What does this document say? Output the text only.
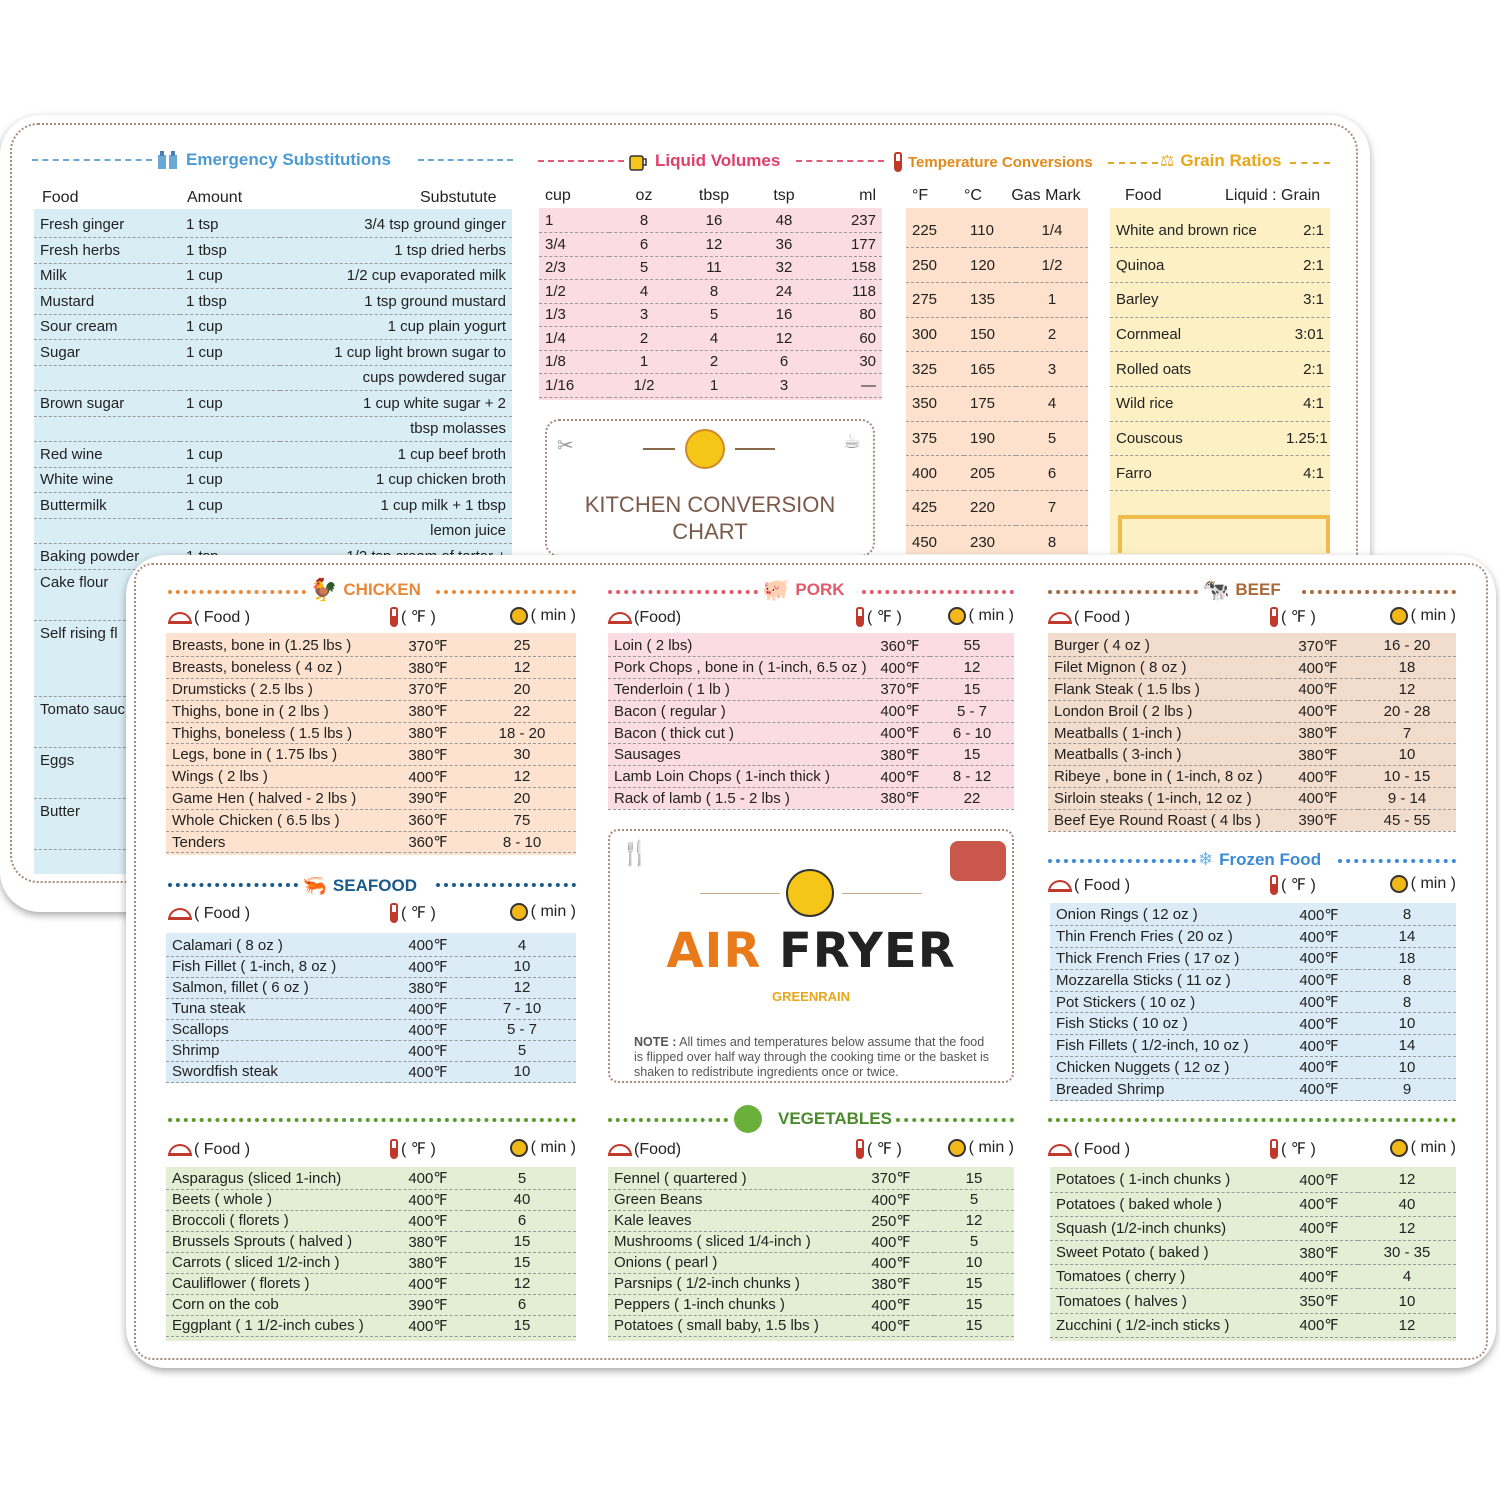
Emergency Substitutions
Food	Amount	Substutute
Fresh ginger	1 tsp	3/4 tsp ground ginger
Fresh herbs	1 tbsp	1 tsp dried herbs
Milk	1 cup	1/2 cup evaporated milk
Mustard	1 tbsp	1 tsp ground mustard
Sour cream	1 cup	1 cup plain yogurt
Sugar	1 cup	1 cup light brown sugar to
		cups powdered sugar
Brown sugar	1 cup	1 cup white sugar + 2
		tbsp molasses
Red wine	1 cup	1 cup beef broth
White wine	1 cup	1 cup chicken broth
Buttermilk	1 cup	1 cup milk + 1 tbsp
		lemon juice
Baking powder		
Cake flour		
Self rising fl		
Tomato sauc		
Eggs		
Butter		
Liquid Volumes
cup	oz	tbsp	tsp	ml
1	8	16	48	237
3/4	6	12	36	177
2/3	5	11	32	158
1/2	4	8	24	118
1/3	3	5	16	80
1/4	2	4	12	60
1/8	1	2	6	30
1/16	1/2	1	3	—
✂	☕
KITCHEN CONVERSION
CHART
Temperature Conversions
°F	°C	Gas Mark
225	110	1/4
250	120	1/2
275	135	1
300	150	2
325	165	3
350	175	4
375	190	5
400	205	6
425	220	7
450	230	8
⚖ Grain Ratios
Food	Liquid : Grain
White and brown rice	2:1
Quinoa	2:1
Barley	3:1
Cornmeal	3:01
Rolled oats	2:1
Wild rice	4:1
Couscous	1.25:1
Farro	4:1
🐓 CHICKEN
( Food )	( ℉ )	( min )
Breasts, bone in (1.25 lbs )	370℉	25
Breasts, boneless ( 4 oz )	380℉	12
Drumsticks ( 2.5 lbs )	370℉	20
Thighs, bone in ( 2 lbs )	380℉	22
Thighs, boneless ( 1.5 lbs )	380℉	18 - 20
Legs, bone in ( 1.75 lbs )	380℉	30
Wings ( 2 lbs )	400℉	12
Game Hen ( halved - 2 lbs )	390℉	20
Whole Chicken ( 6.5 lbs )	360℉	75
Tenders	360℉	8 - 10
🐖 PORK
(Food)	( ℉ )	( min )
Loin ( 2 lbs)	360℉	55
Pork Chops , bone in ( 1-inch, 6.5 oz )	400℉	12
Tenderloin ( 1 lb )	370℉	15
Bacon ( regular )	400℉	5 - 7
Bacon ( thick cut )	400℉	6 - 10
Sausages	380℉	15
Lamb Loin Chops ( 1-inch thick )	400℉	8 - 12
Rack of lamb ( 1.5 - 2 lbs )	380℉	22
🐄 BEEF
( Food )	( ℉ )	( min )
Burger ( 4 oz )	370℉	16 - 20
Filet Mignon ( 8 oz )	400℉	18
Flank Steak ( 1.5 lbs )	400℉	12
London Broil ( 2 lbs )	400℉	20 - 28
Meatballs ( 1-inch )	380℉	7
Meatballs ( 3-inch )	380℉	10
Ribeye , bone in ( 1-inch, 8 oz )	400℉	10 - 15
Sirloin steaks ( 1-inch, 12 oz )	400℉	9 - 14
Beef Eye Round Roast ( 4 lbs )	390℉	45 - 55
🦐 SEAFOOD
( Food )	( ℉ )	( min )
Calamari ( 8 oz )	400℉	4
Fish Fillet ( 1-inch, 8 oz )	400℉	10
Salmon, fillet ( 6 oz )	380℉	12
Tuna steak	400℉	7 - 10
Scallops	400℉	5 - 7
Shrimp	400℉	5
Swordfish steak	400℉	10
🍴
AIR FRYER
GREENRAIN
NOTE : All times and temperatures below assume that the food is flipped over half way through the cooking time or the basket is shaken to redistribute ingredients once or twice.
❄ Frozen Food
( Food )	( ℉ )	( min )
Onion Rings ( 12 oz )	400℉	8
Thin French Fries ( 20 oz )	400℉	14
Thick French Fries ( 17 oz )	400℉	18
Mozzarella Sticks ( 11 oz )	400℉	8
Pot Stickers ( 10 oz )	400℉	8
Fish Sticks ( 10 oz )	400℉	10
Fish Fillets ( 1/2-inch, 10 oz )	400℉	14
Chicken Nuggets ( 12 oz )	400℉	10
Breaded Shrimp	400℉	9
VEGETABLES
( Food )	( ℉ )	( min )
Asparagus (sliced 1-inch)	400℉	5
Beets ( whole )	400℉	40
Broccoli ( florets )	400℉	6
Brussels Sprouts ( halved )	380℉	15
Carrots ( sliced 1/2-inch )	380℉	15
Cauliflower ( florets )	400℉	12
Corn on the cob	390℉	6
Eggplant ( 1 1/2-inch cubes )	400℉	15
(Food)	( ℉ )	( min )
Fennel ( quartered )	370℉	15
Green Beans	400℉	5
Kale leaves	250℉	12
Mushrooms ( sliced 1/4-inch )	400℉	5
Onions ( pearl )	400℉	10
Parsnips ( 1/2-inch chunks )	380℉	15
Peppers ( 1-inch chunks )	400℉	15
Potatoes ( small baby, 1.5 lbs )	400℉	15
( Food )	( ℉ )	( min )
Potatoes ( 1-inch chunks )	400℉	12
Potatoes ( baked whole )	400℉	40
Squash (1/2-inch chunks)	400℉	12
Sweet Potato ( baked )	380℉	30 - 35
Tomatoes ( cherry )	400℉	4
Tomatoes ( halves )	350℉	10
Zucchini ( 1/2-inch sticks )	400℉	12
